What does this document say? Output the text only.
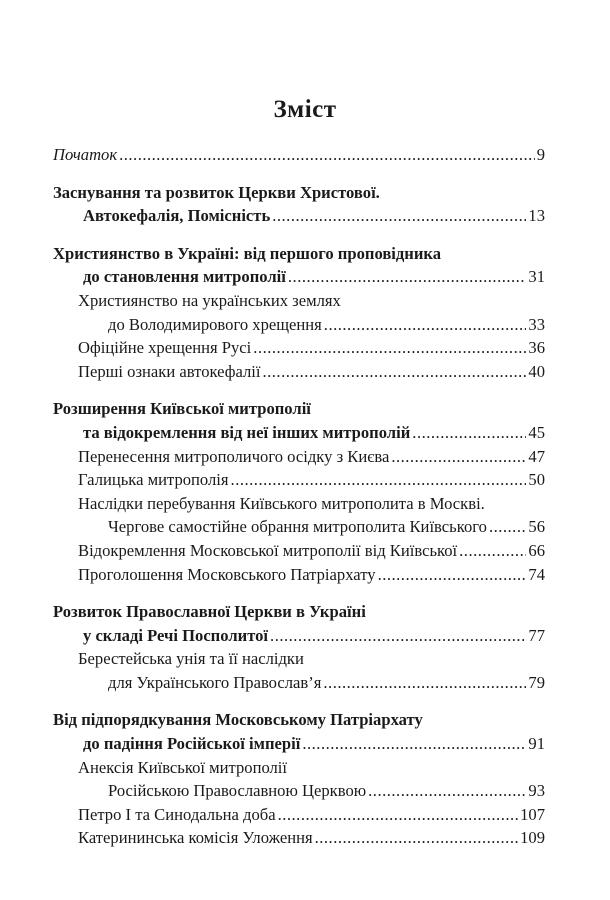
Зміст
Початок .....	9
Заснування та розвиток Церкви Христової.
Автокефалія, Помісність .....	13
Християнство в Україні: від першого проповідника
до становлення митрополії .....	31
Християнство на українських землях
до Володимирового хрещення .....	33
Офіційне хрещення Русі .....	36
Перші ознаки автокефалії .....	40
Розширення Київської митрополії
та відокремлення від неї інших митрополій .....	45
Перенесення митрополичого осідку з Києва .....	47
Галицька митрополія .....	50
Наслідки перебування Київського митрополита в Москві.
Чергове самостійне обрання митрополита Київського ..... 56
Відокремлення Московської митрополії від Київської .....	66
Проголошення Московського Патріархату .....	74
Розвиток Православної Церкви в Україні
у складі Речі Посполитої .....	77
Берестейська унія та її наслідки
для Українського Православ’я .....	79
Від підпорядкування Московському Патріархату
до падіння Російської імперії .....	91
Анексія Київської митрополії
Російською Православною Церквою .....	93
Петро I та Синодальна доба .....	107
Катерининська комісія Уложення .....	109
